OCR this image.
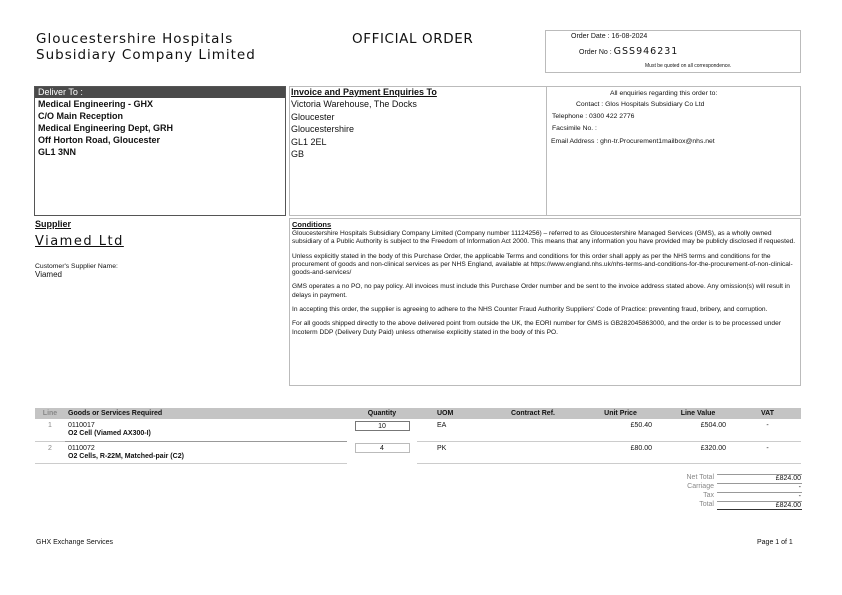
Gloucestershire Hospitals
Subsidiary Company Limited
OFFICIAL ORDER	Order Date : 16-08-2024
Order No : GSS946231
Must be quoted on all correspondence.
Deliver To :
Medical Engineering - GHX
C/O Main Reception
Medical Engineering Dept, GRH
Off Horton Road, Gloucester
GL1 3NN
Invoice and Payment Enquiries To
Victoria Warehouse, The Docks
Gloucester
Gloucestershire
GL1 2EL
GB
All enquiries regarding this order to:
Contact : Glos Hospitals Subsidiary Co Ltd
Telephone : 0300 422 2776
Facsimile No. :
Email Address : ghn-tr.Procurement1mailbox@nhs.net
Supplier
Viamed Ltd
Customer's Supplier Name:
Viamed
Conditions
Gloucestershire Hospitals Subsidiary Company Limited (Company number 11124256) – referred to as Gloucestershire Managed Services (GMS), as a wholly owned subsidiary of a Public Authority is subject to the Freedom of Information Act 2000. This means that any information you have provided may be publicly disclosed if requested.
Unless explicitly stated in the body of this Purchase Order, the applicable Terms and conditions for this order shall apply as per the NHS terms and conditions for the procurement of goods and non-clinical services as per NHS England, available at https://www.england.nhs.uk/nhs-terms-and-conditions-for-the-procurement-of-non-clinical-goods-and-services/
GMS operates a no PO, no pay policy. All invoices must include this Purchase Order number and be sent to the invoice address stated above. Any omission(s) will result in delays in payment.
In accepting this order, the supplier is agreeing to adhere to the NHS Counter Fraud Authority Suppliers' Code of Practice: preventing fraud, bribery, and corruption.
For all goods shipped directly to the above delivered point from outside the UK, the EORI number for GMS is GB282045863000, and the order is to be processed under Incoterm DDP (Delivery Duty Paid) unless otherwise explicitly stated in the body of this PO.
Line	Goods or Services Required	Quantity	UOM	Contract Ref.	Unit Price	Line Value	VAT
1	0110017	10	EA		£50.40	£504.00	-
	O2 Cell (Viamed AX300-I)						
2	0110072	4	PK		£80.00	£320.00	-
	O2 Cells, R-22M, Matched-pair (C2)						
Net Total	£824.00
Carriage	-
Tax	-
Total	£824.00
GHX Exchange Services	Page 1 of 1
